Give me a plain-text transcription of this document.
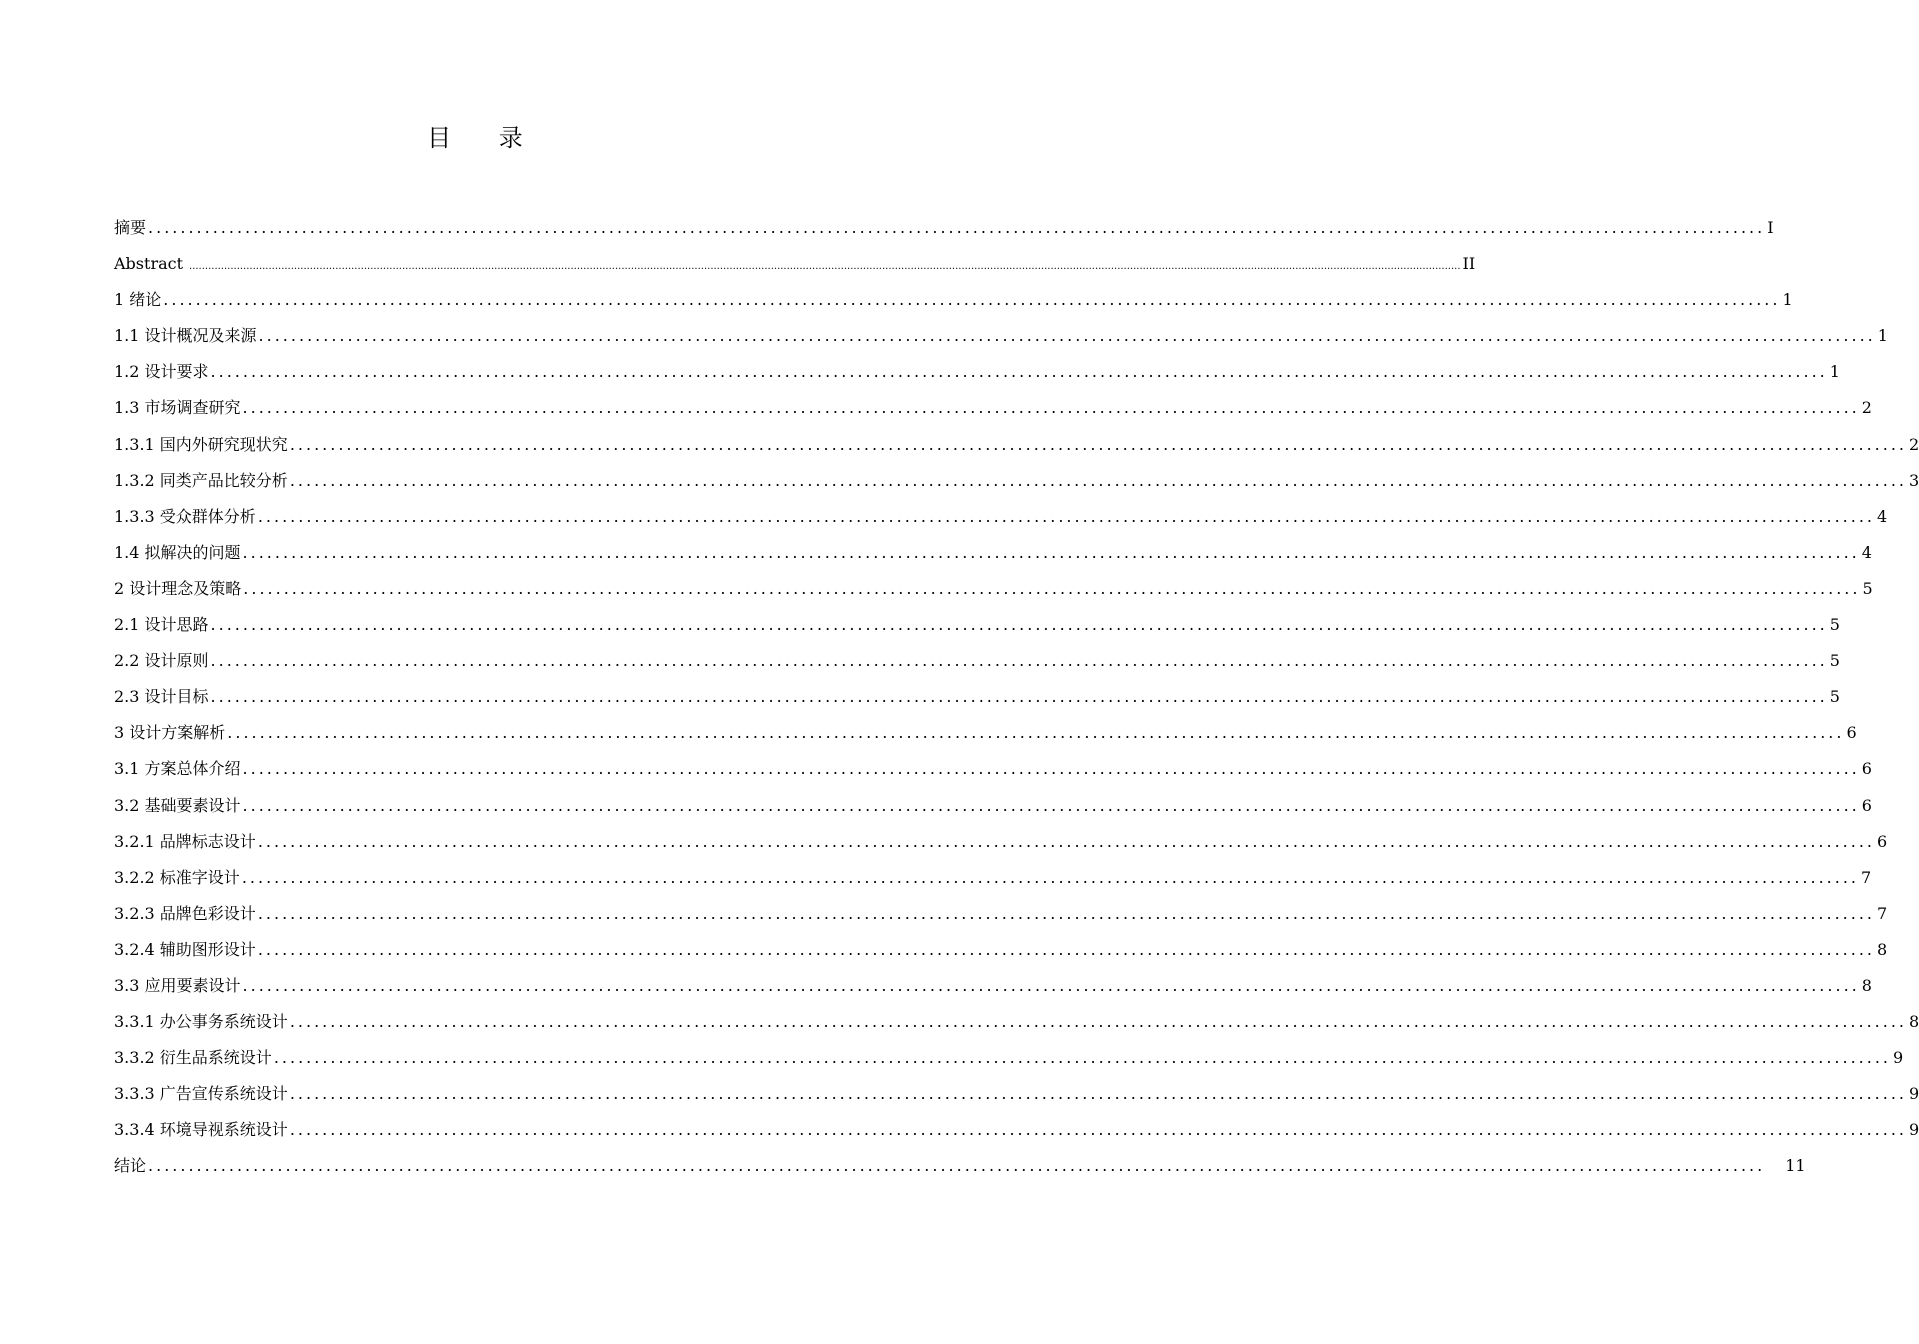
目 录
摘要 ........................................................................................................................................................................................................ I
Abstract ................................................................................................................................................................................................................................................................................................................................................................................................................ II
1 绪论 ........................................................................................................................................................................................................ 1
1.1 设计概况及来源 ........................................................................................................................................................................................................ 1
1.2 设计要求 ........................................................................................................................................................................................................ 1
1.3 市场调查研究 ........................................................................................................................................................................................................ 2
1.3.1 国内外研究现状究 ........................................................................................................................................................................................................ 2
1.3.2 同类产品比较分析 ........................................................................................................................................................................................................ 3
1.3.3 受众群体分析 ........................................................................................................................................................................................................ 4
1.4 拟解决的问题 ........................................................................................................................................................................................................ 4
2 设计理念及策略 ........................................................................................................................................................................................................ 5
2.1 设计思路 ........................................................................................................................................................................................................ 5
2.2 设计原则 ........................................................................................................................................................................................................ 5
2.3 设计目标 ........................................................................................................................................................................................................ 5
3 设计方案解析 ........................................................................................................................................................................................................ 6
3.1 方案总体介绍 ........................................................................................................................................................................................................ 6
3.2 基础要素设计 ........................................................................................................................................................................................................ 6
3.2.1 品牌标志设计 ........................................................................................................................................................................................................ 6
3.2.2 标准字设计 ........................................................................................................................................................................................................ 7
3.2.3 品牌色彩设计 ........................................................................................................................................................................................................ 7
3.2.4 辅助图形设计 ........................................................................................................................................................................................................ 8
3.3 应用要素设计 ........................................................................................................................................................................................................ 8
3.3.1 办公事务系统设计 ........................................................................................................................................................................................................ 8
3.3.2 衍生品系统设计 ........................................................................................................................................................................................................ 9
3.3.3 广告宣传系统设计 ........................................................................................................................................................................................................ 9
3.3.4 环境导视系统设计 ........................................................................................................................................................................................................ 9
结论 ........................................................................................................................................................................................................ 11
